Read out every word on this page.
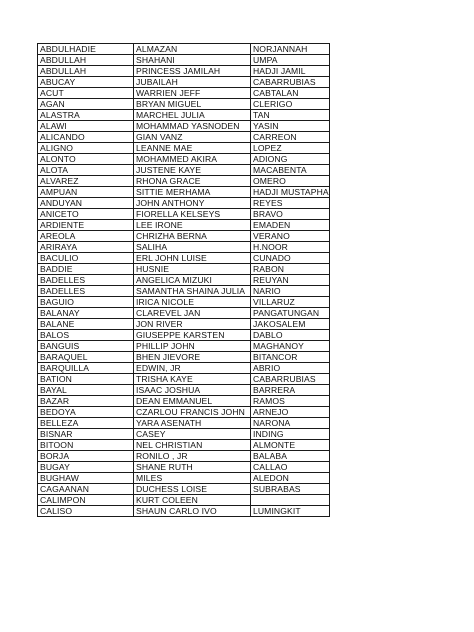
ABDULHADIE	ALMAZAN	NORJANNAH
ABDULLAH	SHAHANI	UMPA
ABDULLAH	PRINCESS JAMILAH	HADJI JAMIL
ABUCAY	JUBAILAH	CABARRUBIAS
ACUT	WARRIEN JEFF	CABTALAN
AGAN	BRYAN MIGUEL	CLERIGO
ALASTRA	MARCHEL JULIA	TAN
ALAWI	MOHAMMAD YASNODEN	YASIN
ALICANDO	GIAN VANZ	CARREON
ALIGNO	LEANNE MAE	LOPEZ
ALONTO	MOHAMMED AKIRA	ADIONG
ALOTA	JUSTENE KAYE	MACABENTA
ALVAREZ	RHONA GRACE	OMERO
AMPUAN	SITTIE MERHAMA	HADJI MUSTAPHA
ANDUYAN	JOHN ANTHONY	REYES
ANICETO	FIORELLA KELSEYS	BRAVO
ARDIENTE	LEE IRONE	EMADEN
AREOLA	CHRIZHA BERNA	VERANO
ARIRAYA	SALIHA	H.NOOR
BACULIO	ERL JOHN LUISE	CUNADO
BADDIE	HUSNIE	RABON
BADELLES	ANGELICA MIZUKI	REUYAN
BADELLES	SAMANTHA SHAINA JULIA	NARIO
BAGUIO	IRICA NICOLE	VILLARUZ
BALANAY	CLAREVEL JAN	PANGATUNGAN
BALANE	JON RIVER	JAKOSALEM
BALOS	GIUSEPPE KARSTEN	DABLO
BANGUIS	PHILLIP JOHN	MAGHANOY
BARAQUEL	BHEN JIEVORE	BITANCOR
BARQUILLA	EDWIN, JR	ABRIO
BATION	TRISHA KAYE	CABARRUBIAS
BAYAL	ISAAC JOSHUA	BARRERA
BAZAR	DEAN EMMANUEL	RAMOS
BEDOYA	CZARLOU FRANCIS JOHN	ARNEJO
BELLEZA	YARA ASENATH	NARONA
BISNAR	CASEY	INDING
BITOON	NEL CHRISTIAN	ALMONTE
BORJA	RONILO , JR	BALABA
BUGAY	SHANE RUTH	CALLAO
BUGHAW	MILES	ALEDON
CAGAANAN	DUCHESS LOISE	SUBRABAS
CALIMPON	KURT COLEEN	
CALISO	SHAUN CARLO IVO	LUMINGKIT
